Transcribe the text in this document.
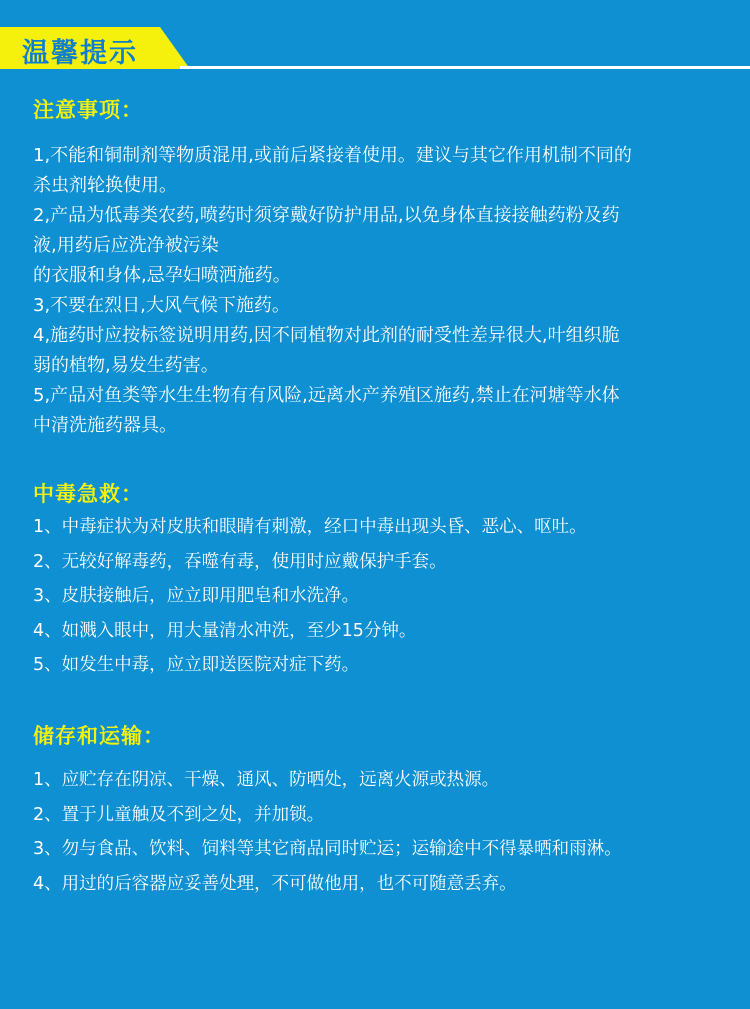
温馨提示
注意事项：
1,不能和铜制剂等物质混用,或前后紧接着使用。建议与其它作用机制不同的
杀虫剂轮换使用。
2,产品为低毒类农药,喷药时须穿戴好防护用品,以免身体直接接触药粉及药
液,用药后应洗净被污染
的衣服和身体,忌孕妇喷洒施药。
3,不要在烈日,大风气候下施药。
4,施药时应按标签说明用药,因不同植物对此剂的耐受性差异很大,叶组织脆
弱的植物,易发生药害。
5,产品对鱼类等水生生物有有风险,远离水产养殖区施药,禁止在河塘等水体
中清洗施药器具。
中毒急救：
1、中毒症状为对皮肤和眼睛有刺激，经口中毒出现头昏、恶心、呕吐。
2、无较好解毒药，吞噬有毒，使用时应戴保护手套。
3、皮肤接触后，应立即用肥皂和水洗净。
4、如溅入眼中，用大量清水冲洗，至少15分钟。
5、如发生中毒，应立即送医院对症下药。
储存和运输：
1、应贮存在阴凉、干燥、通风、防晒处，远离火源或热源。
2、置于儿童触及不到之处，并加锁。
3、勿与食品、饮料、饲料等其它商品同时贮运；运输途中不得暴晒和雨淋。
4、用过的后容器应妥善处理，不可做他用，也不可随意丢弃。
